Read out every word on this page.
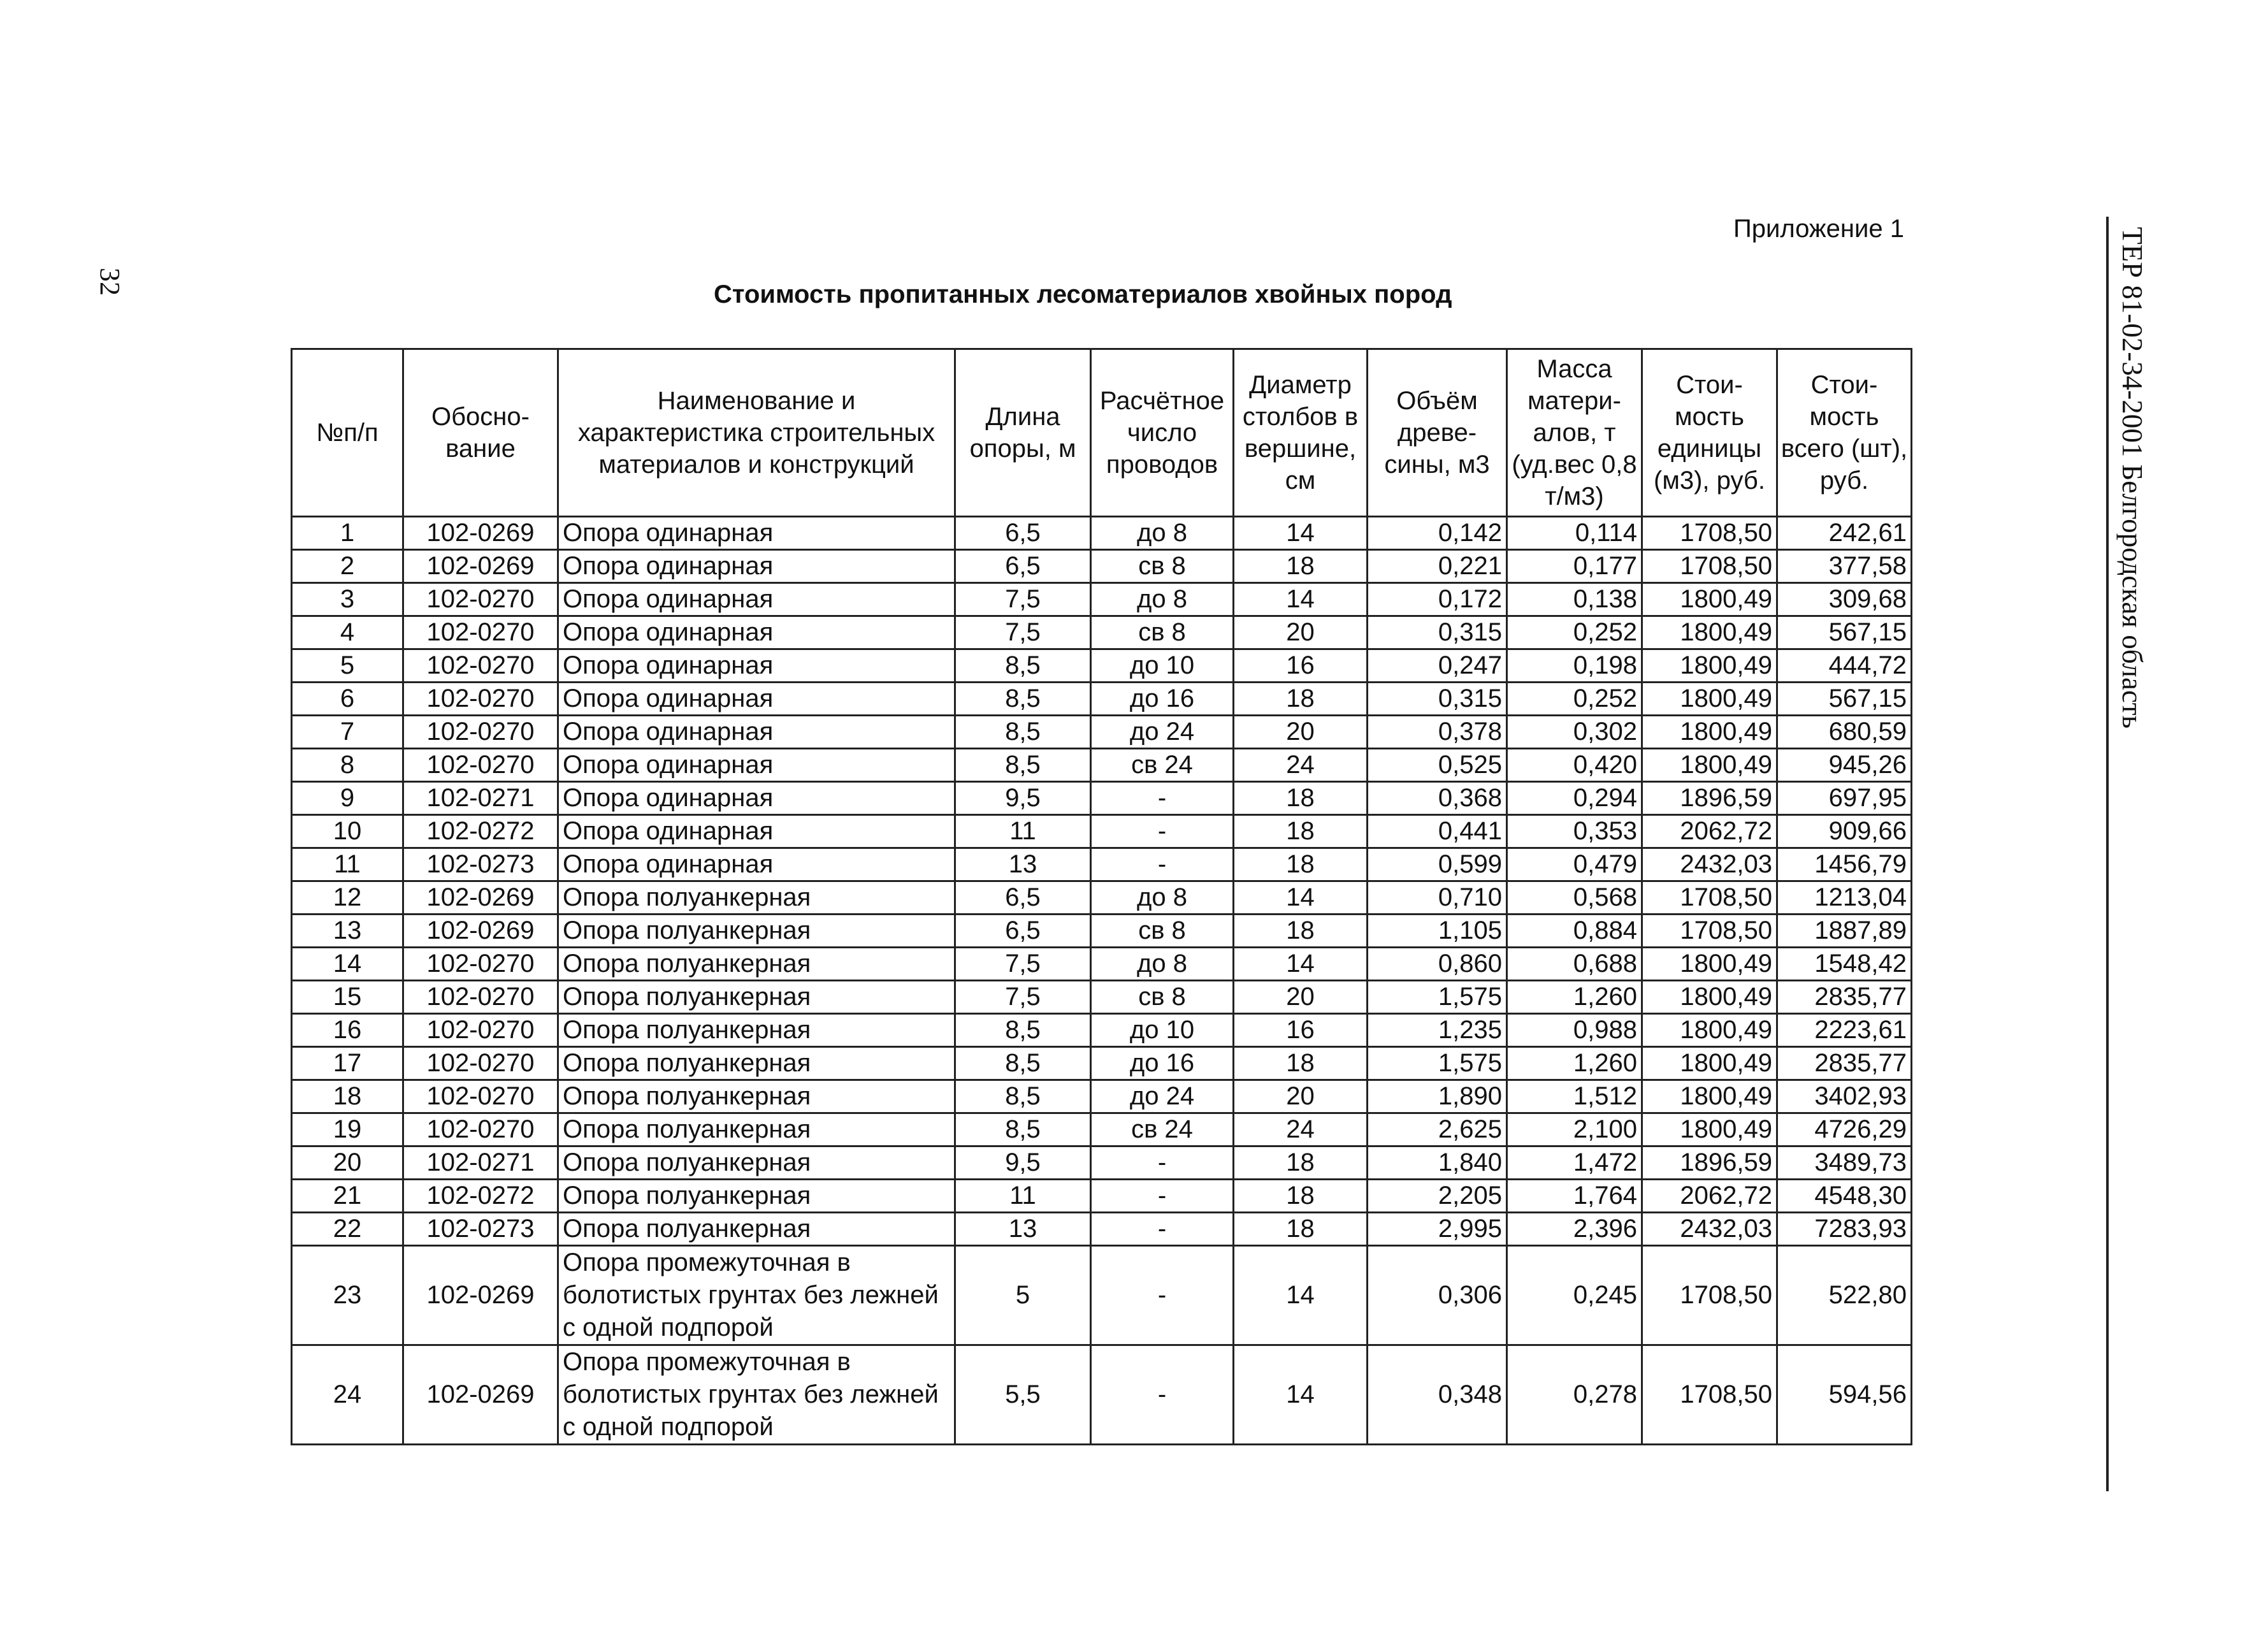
32	ТЕР 81-02-34-2001 Белгородская область
Приложение 1
Стоимость пропитанных лесоматериалов хвойных пород
№п/п	Обосно-вание	Наименование и характеристика строительных материалов и конструкций	Длина опоры, м	Расчётное число проводов	Диаметр столбов в вершине, см	Объём древе-сины, м3	Масса матери-алов, т (уд.вес 0,8 т/м3)	Стои-мость единицы (м3), руб.	Стои-мость всего (шт), руб.
1	102-0269	Опора одинарная	6,5	до 8	14	0,142	0,114	1708,50	242,61
2	102-0269	Опора одинарная	6,5	св 8	18	0,221	0,177	1708,50	377,58
3	102-0270	Опора одинарная	7,5	до 8	14	0,172	0,138	1800,49	309,68
4	102-0270	Опора одинарная	7,5	св 8	20	0,315	0,252	1800,49	567,15
5	102-0270	Опора одинарная	8,5	до 10	16	0,247	0,198	1800,49	444,72
6	102-0270	Опора одинарная	8,5	до 16	18	0,315	0,252	1800,49	567,15
7	102-0270	Опора одинарная	8,5	до 24	20	0,378	0,302	1800,49	680,59
8	102-0270	Опора одинарная	8,5	св 24	24	0,525	0,420	1800,49	945,26
9	102-0271	Опора одинарная	9,5	-	18	0,368	0,294	1896,59	697,95
10	102-0272	Опора одинарная	11	-	18	0,441	0,353	2062,72	909,66
11	102-0273	Опора одинарная	13	-	18	0,599	0,479	2432,03	1456,79
12	102-0269	Опора полуанкерная	6,5	до 8	14	0,710	0,568	1708,50	1213,04
13	102-0269	Опора полуанкерная	6,5	св 8	18	1,105	0,884	1708,50	1887,89
14	102-0270	Опора полуанкерная	7,5	до 8	14	0,860	0,688	1800,49	1548,42
15	102-0270	Опора полуанкерная	7,5	св 8	20	1,575	1,260	1800,49	2835,77
16	102-0270	Опора полуанкерная	8,5	до 10	16	1,235	0,988	1800,49	2223,61
17	102-0270	Опора полуанкерная	8,5	до 16	18	1,575	1,260	1800,49	2835,77
18	102-0270	Опора полуанкерная	8,5	до 24	20	1,890	1,512	1800,49	3402,93
19	102-0270	Опора полуанкерная	8,5	св 24	24	2,625	2,100	1800,49	4726,29
20	102-0271	Опора полуанкерная	9,5	-	18	1,840	1,472	1896,59	3489,73
21	102-0272	Опора полуанкерная	11	-	18	2,205	1,764	2062,72	4548,30
22	102-0273	Опора полуанкерная	13	-	18	2,995	2,396	2432,03	7283,93
23	102-0269	Опора промежуточная в болотистых грунтах без лежней с одной подпорой	5	-	14	0,306	0,245	1708,50	522,80
24	102-0269	Опора промежуточная в болотистых грунтах без лежней с одной подпорой	5,5	-	14	0,348	0,278	1708,50	594,56
